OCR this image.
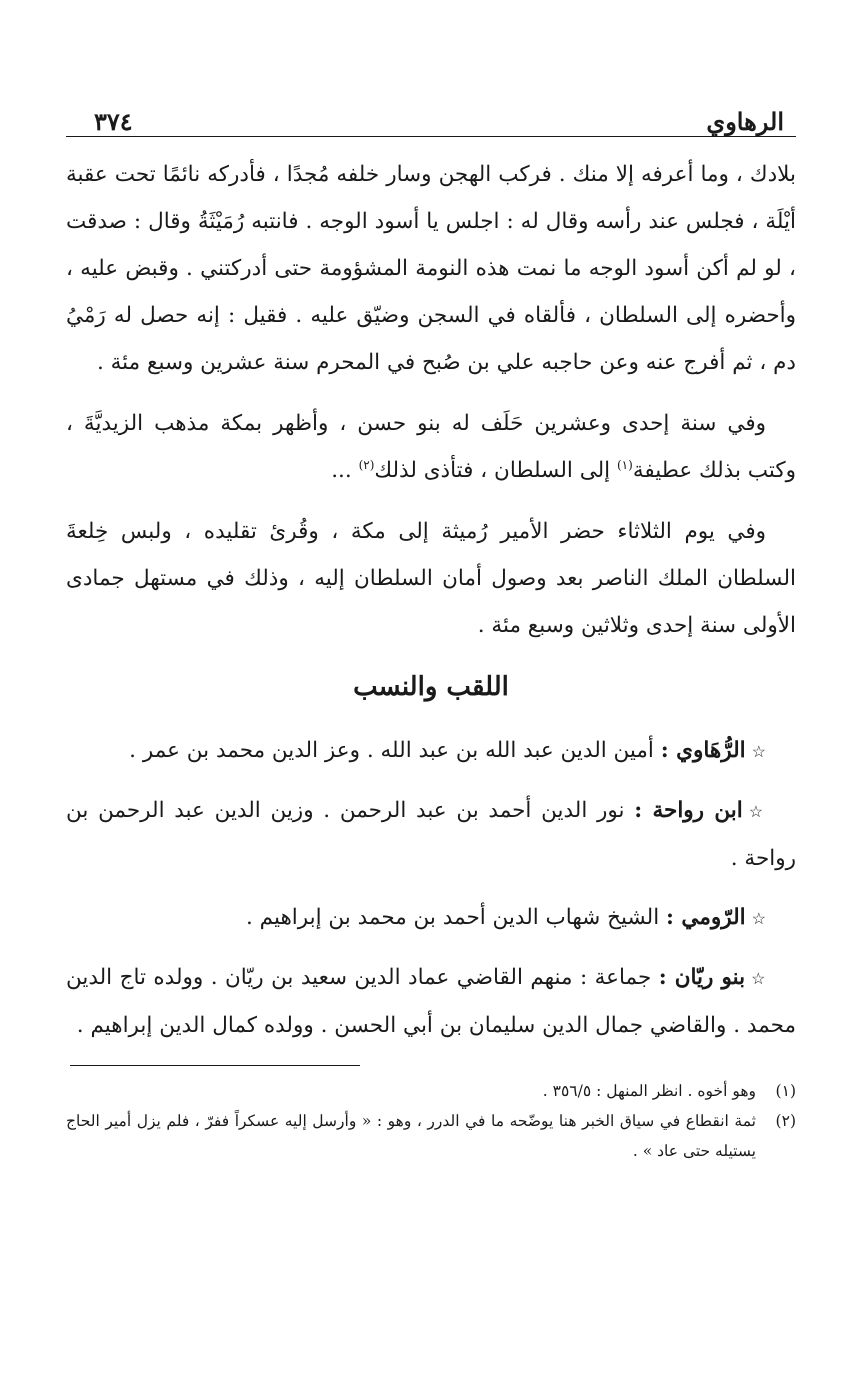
الرهاوي
٣٧٤

بلادك ، وما أعرفه إلا منك . فركب الهجن وسار خلفه مُجدًا ، فأدركه نائمًا تحت عقبة أيْلَة ، فجلس عند رأسه وقال له : اجلس يا أسود الوجه . فانتبه رُمَيْثَةُ وقال : صدقت ، لو لم أكن أسود الوجه ما نمت هذه النومة المشؤومة حتى أدركتني . وقبض عليه ، وأحضره إلى السلطان ، فألقاه في السجن وضيّق عليه . فقيل : إنه حصل له رَمْيُ دم ، ثم أفرج عنه وعن حاجبه علي بن صُبح في المحرم سنة عشرين وسبع مئة .

وفي سنة إحدى وعشرين حَلَف له بنو حسن ، وأظهر بمكة مذهب الزيديَّةَ ، وكتب بذلك عطيفة$^{(١)}$ إلى السلطان ، فتأذى لذلك$^{(٢)}$ ...

وفي يوم الثلاثاء حضر الأمير رُميثة إلى مكة ، وقُرئ تقليده ، ولبس خِلعةَ السلطان الملك الناصر بعد وصول أمان السلطان إليه ، وذلك في مستهل جمادى الأولى سنة إحدى وثلاثين وسبع مئة .

اللقب والنسب

☆الرُّهَاوي : أمين الدين عبد الله بن عبد الله . وعز الدين محمد بن عمر .

☆ابن رواحة : نور الدين أحمد بن عبد الرحمن . وزين الدين عبد الرحمن بن رواحة .

☆الرّومي : الشيخ شهاب الدين أحمد بن محمد بن إبراهيم .

☆بنو ريّان : جماعة : منهم القاضي عماد الدين سعيد بن ريّان . وولده تاج الدين محمد . والقاضي جمال الدين سليمان بن أبي الحسن . وولده كمال الدين إبراهيم .

(١)
وهو أخوه . انظر المنهل : ٣٥٦/٥ .
(٢)
ثمة انقطاع في سياق الخبر هنا يوضّحه ما في الدرر ، وهو : « وأرسل إليه عسكراً ففرّ ، فلم يزل أمير الحاج يستيله حتى عاد » .
